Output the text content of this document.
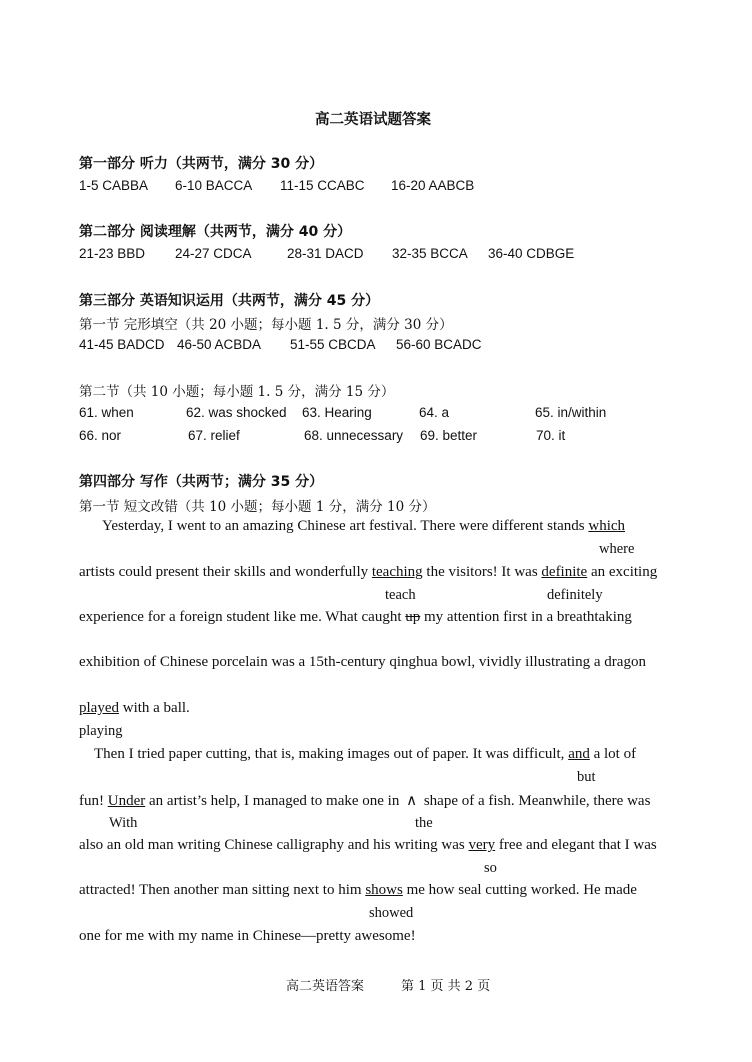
高二英语试题答案
第一部分 听力（共两节，满分 30 分）
1-5 CABBA 6-10 BACCA 11-15 CCABC 16-20 AABCB
第二部分 阅读理解（共两节，满分 40 分）
21-23 BBD 24-27 CDCA	28-31 DACD 32-35 BCCA 36-40 CDBGE
第三部分 英语知识运用（共两节，满分 45 分）
第一节 完形填空（共 20 小题；每小题 1. 5 分，满分 30 分）
41-45 BADCD 46-50 ACBDA 51-55 CBCDA 56-60 BCADC
第二节（共 10 小题；每小题 1. 5 分，满分 15 分）
61. when	62. was shocked 63. Hearing	64. a	65. in/within
66. nor	67. relief	68. unnecessary 69. better	70. it
第四部分 写作（共两节；满分 35 分）
第一节 短文改错（共 10 小题；每小题 1 分，满分 10 分）
Yesterday, I went to an amazing Chinese art festival. There were different stands which
where
artists could present their skills and wonderfully teaching the visitors! It was definite an exciting
teach	definitely
experience for a foreign student like me. What caught up my attention first in a breathtaking
exhibition of Chinese porcelain was a 15th-century qinghua bowl, vividly illustrating a dragon
played with a ball.
playing
Then I tried paper cutting, that is, making images out of paper. It was difficult, and a lot of
but
fun! Under an artist’s help, I managed to make one in ∧ shape of a fish. Meanwhile, there was
With	the
also an old man writing Chinese calligraphy and his writing was very free and elegant that I was
so
attracted! Then another man sitting next to him shows me how seal cutting worked. He made
showed
one for me with my name in Chinese—pretty awesome!
高二英语答案	第 1 页 共 2 页
